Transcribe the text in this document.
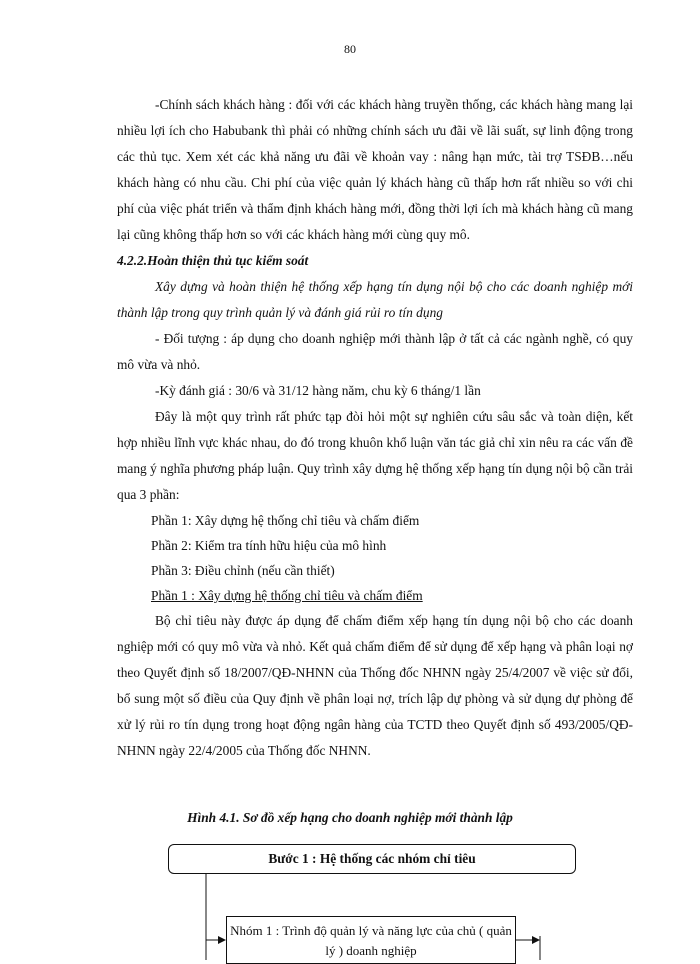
80

-Chính sách khách hàng : đối với các khách hàng truyền thống, các khách hàng mang lại nhiều lợi ích cho Habubank thì phải có những chính sách ưu đãi về lãi suất, sự linh động trong các thủ tục. Xem xét các khả năng ưu đãi về khoản vay : nâng hạn mức, tài trợ TSĐB…nếu khách hàng có nhu cầu. Chi phí của việc quản lý khách hàng cũ thấp hơn rất nhiều so với chi phí của việc phát triển và thẩm định khách hàng mới, đồng thời lợi ích mà khách hàng cũ mang lại cũng không thấp hơn so với các khách hàng mới cùng quy mô.

4.2.2.Hoàn thiện thủ tục kiểm soát

Xây dựng và hoàn thiện hệ thống xếp hạng tín dụng nội bộ cho các doanh nghiệp mới thành lập trong quy trình quản lý và đánh giá rủi ro tín dụng

- Đối tượng : áp dụng cho doanh nghiệp mới thành lập ở tất cả các ngành nghề, có quy mô vừa và nhỏ.

-Kỳ đánh giá : 30/6 và 31/12 hàng năm, chu kỳ 6 tháng/1 lần

Đây là một quy trình rất phức tạp đòi hỏi một sự nghiên cứu sâu sắc và toàn diện, kết hợp nhiều lĩnh vực khác nhau, do đó trong khuôn khổ luận văn tác giả chỉ xin nêu ra các vấn đề mang ý nghĩa phương pháp luận. Quy trình xây dựng hệ thống xếp hạng tín dụng nội bộ cần trải qua 3 phần:

Phần 1: Xây dựng hệ thống chỉ tiêu và chấm điểm

Phần 2: Kiểm tra tính hữu hiệu của mô hình

Phần 3: Điều chỉnh (nếu cần thiết)

Phần 1 : Xây dựng hệ thống chỉ tiêu và chấm điểm

Bộ chỉ tiêu này được áp dụng để chấm điểm xếp hạng tín dụng nội bộ cho các doanh nghiệp mới có quy mô vừa và nhỏ. Kết quả chấm điểm để sử dụng để xếp hạng và phân loại nợ theo Quyết định số 18/2007/QĐ-NHNN của Thống đốc NHNN ngày 25/4/2007 về việc sử đổi, bổ sung một số điều của Quy định về phân loại nợ, trích lập dự phòng và sử dụng dự phòng để xử lý rủi ro tín dụng trong hoạt động ngân hàng của TCTD theo Quyết định số 493/2005/QĐ-NHNN ngày 22/4/2005 của Thống đốc NHNN.

Hình 4.1. Sơ đồ xếp hạng cho doanh nghiệp mới thành lập
Bước 1 : Hệ thống các nhóm chỉ tiêu
Nhóm 1 : Trình độ quản lý và năng lực của chủ ( quản lý ) doanh nghiệp
